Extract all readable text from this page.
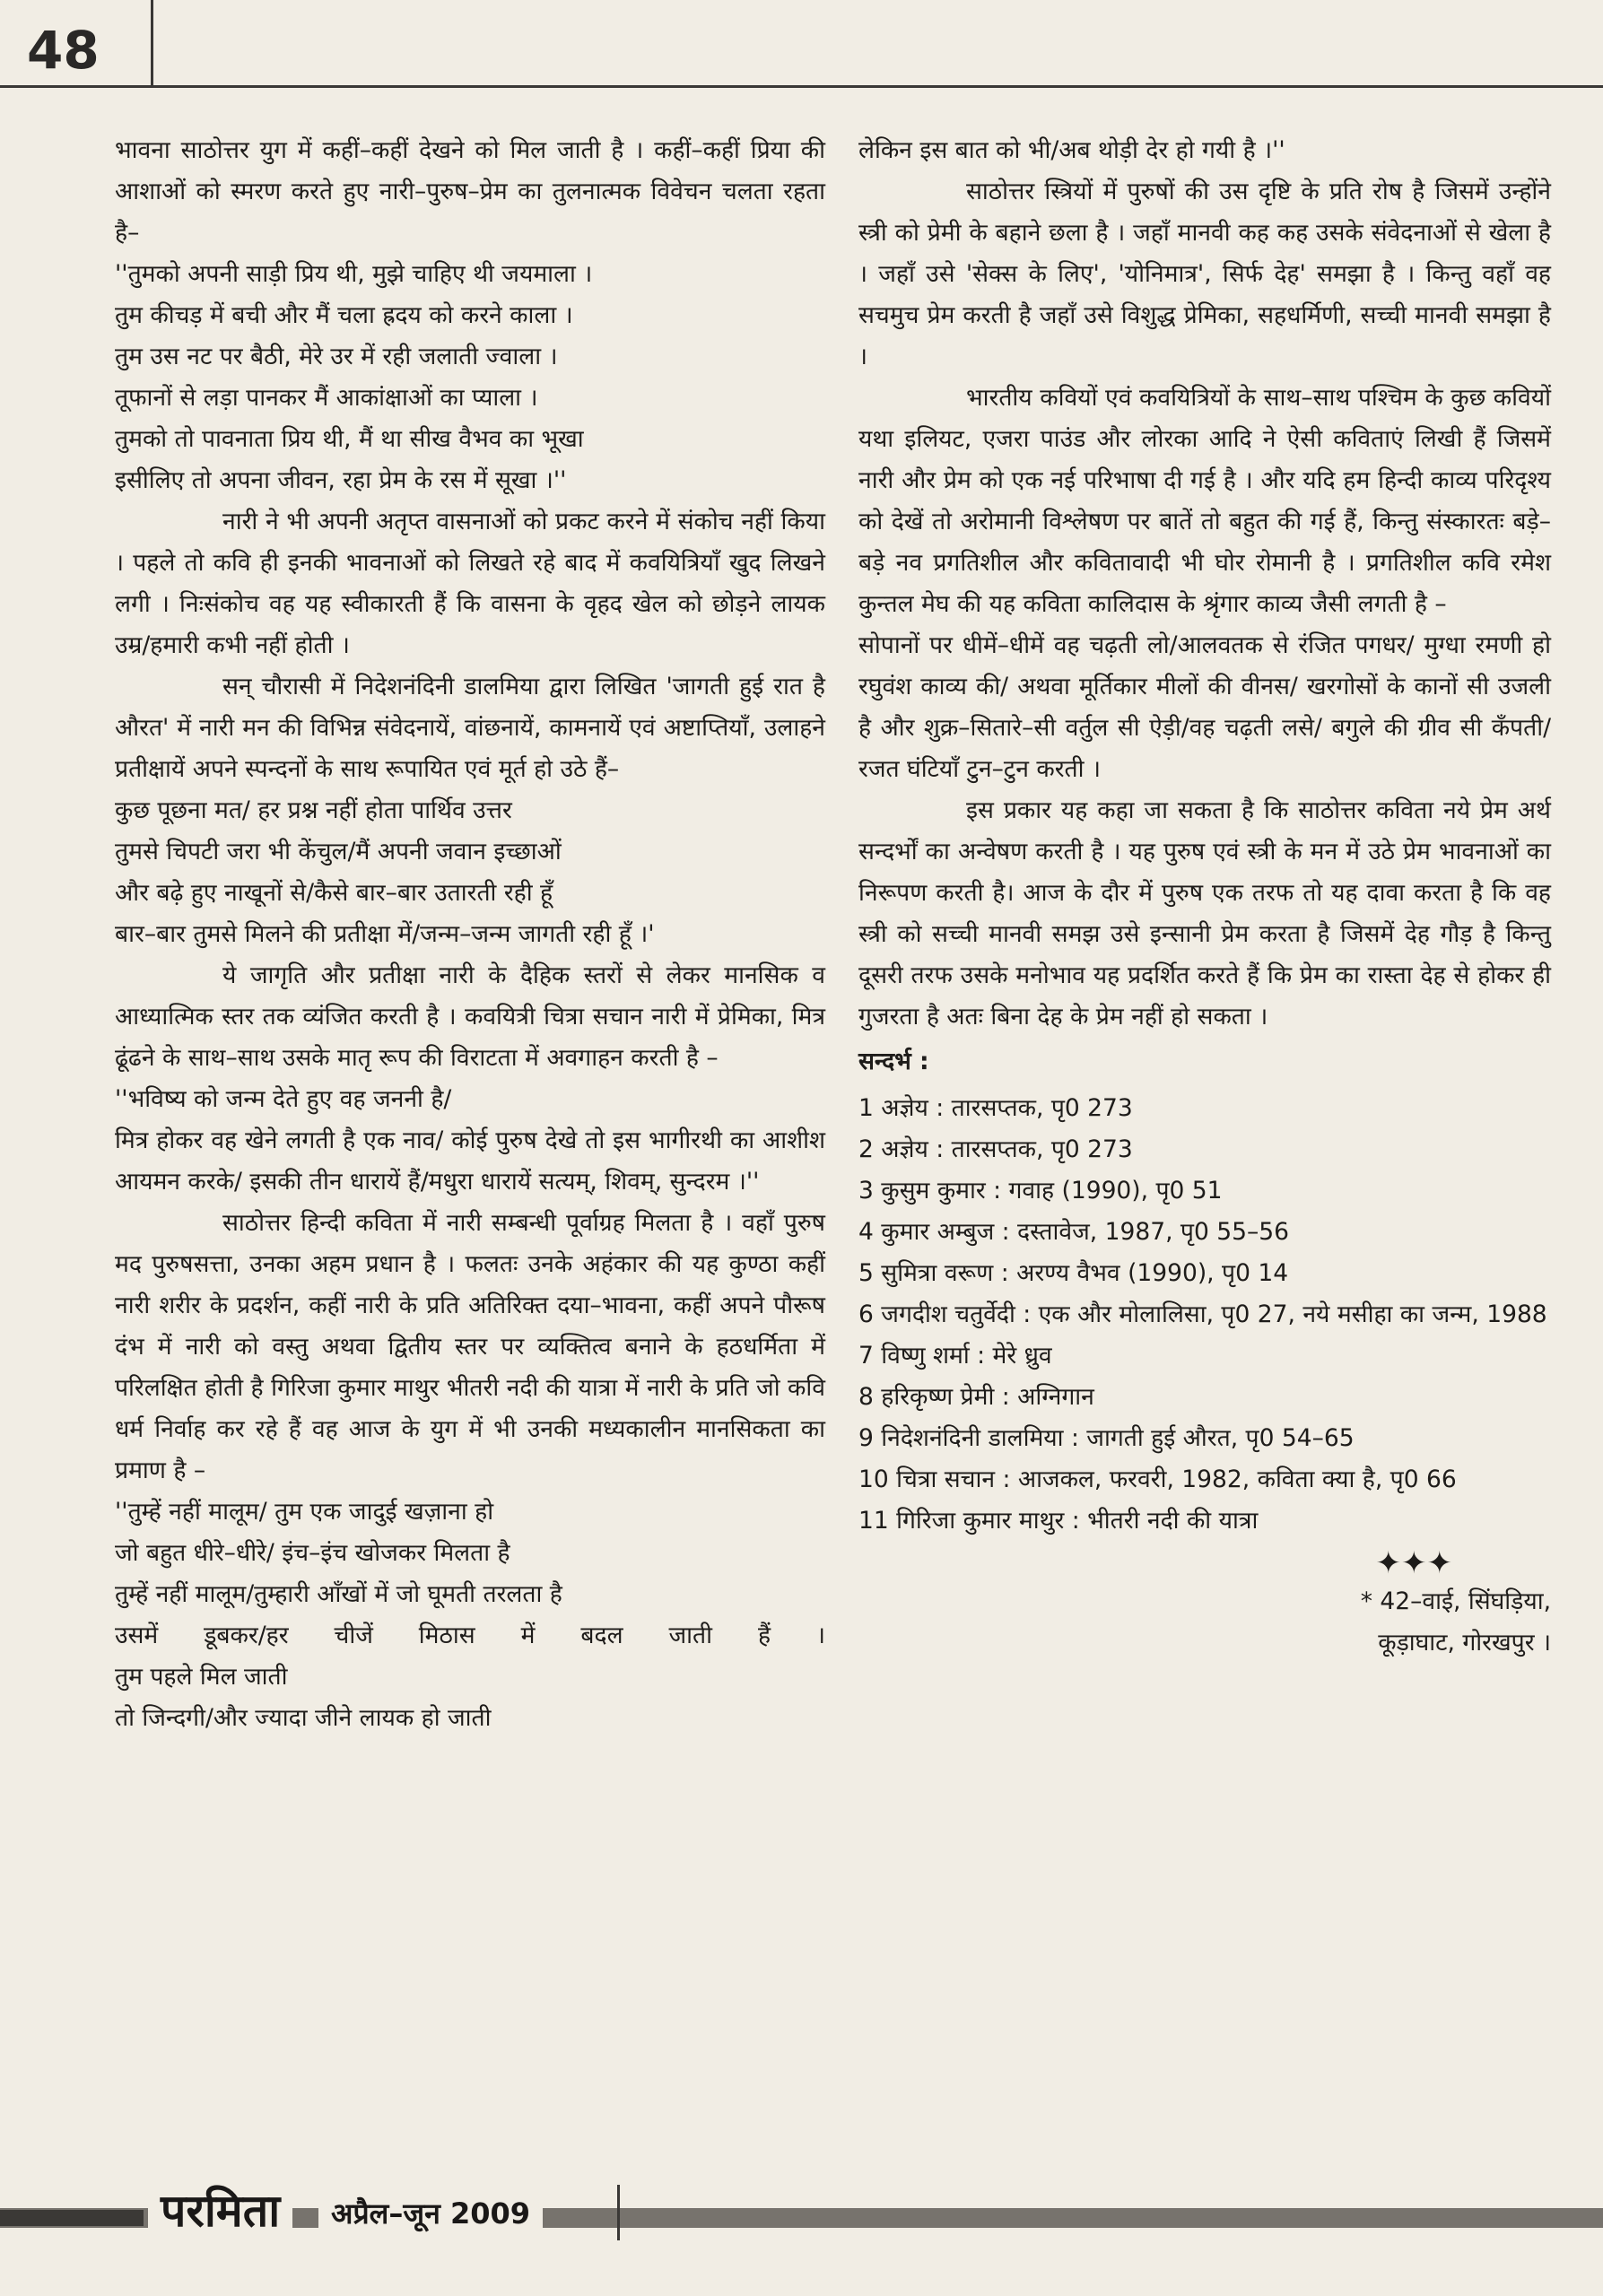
48

भावना साठोत्तर युग में कहीं–कहीं देखने को मिल जाती है । कहीं–कहीं प्रिया की आशाओं को स्मरण करते हुए नारी–पुरुष–प्रेम का तुलनात्मक विवेचन चलता रहता है–

''तुमको अपनी साड़ी प्रिय थी, मुझे चाहिए थी जयमाला ।
तुम कीचड़ में बची और मैं चला ह्रदय को करने काला ।
तुम उस नट पर बैठी, मेरे उर में रही जलाती ज्वाला ।
तूफानों से लड़ा पानकर मैं आकांक्षाओं का प्याला ।
तुमको तो पावनाता प्रिय थी, मैं था सीख वैभव का भूखा
इसीलिए तो अपना जीवन, रहा प्रेम के रस में सूखा ।''

नारी ने भी अपनी अतृप्त वासनाओं को प्रकट करने में संकोच नहीं किया । पहले तो कवि ही इनकी भावनाओं को लिखते रहे बाद में कवयित्रियाँ खुद लिखने लगी । निःसंकोच वह यह स्वीकारती हैं कि वासना के वृहद खेल को छोड़ने लायक उम्र/हमारी कभी नहीं होती ।

सन् चौरासी में निदेशनंदिनी डालमिया द्वारा लिखित 'जागती हुई रात है औरत' में नारी मन की विभिन्न संवेदनायें, वांछनायें, कामनायें एवं अष्टाप्तियाँ, उलाहने प्रतीक्षायें अपने स्पन्दनों के साथ रूपायित एवं मूर्त हो उठे हैं–

कुछ पूछना मत/ हर प्रश्न नहीं होता पार्थिव उत्तर
तुमसे चिपटी जरा भी केंचुल/मैं अपनी जवान इच्छाओं
और बढ़े हुए नाखूनों से/कैसे बार–बार उतारती रही हूँ

बार–बार तुमसे मिलने की प्रतीक्षा में/जन्म–जन्म जागती रही हूँ ।'

ये जागृति और प्रतीक्षा नारी के दैहिक स्तरों से लेकर मानसिक व आध्यात्मिक स्तर तक व्यंजित करती है । कवयित्री चित्रा सचान नारी में प्रेमिका, मित्र ढूंढने के साथ–साथ उसके मातृ रूप की विराटता में अवगाहन करती है –

''भविष्य को जन्म देते हुए वह जननी है/

मित्र होकर वह खेने लगती है एक नाव/ कोई पुरुष देखे तो इस भागीरथी का आशीश आयमन करके/ इसकी तीन धारायें हैं/मधुरा धारायें सत्यम्, शिवम्, सुन्दरम ।''

साठोत्तर हिन्दी कविता में नारी सम्बन्धी पूर्वाग्रह मिलता है । वहाँ पुरुष मद पुरुषसत्ता, उनका अहम प्रधान है । फलतः उनके अहंकार की यह कुण्ठा कहीं नारी शरीर के प्रदर्शन, कहीं नारी के प्रति अतिरिक्त दया–भावना, कहीं अपने पौरूष दंभ में नारी को वस्तु अथवा द्वितीय स्तर पर व्यक्तित्व बनाने के हठधर्मिता में परिलक्षित होती है गिरिजा कुमार माथुर भीतरी नदी की यात्रा में नारी के प्रति जो कवि धर्म निर्वाह कर रहे हैं वह आज के युग में भी उनकी मध्यकालीन मानसिकता का प्रमाण है –

''तुम्हें नहीं मालूम/ तुम एक जादुई खज़ाना हो
जो बहुत धीरे–धीरे/ इंच–इंच खोजकर मिलता है
तुम्हें नहीं मालूम/तुम्हारी आँखों में जो घूमती तरलता है

उसमें डूबकर/हर चीजें मिठास में बदल जाती हैं ।

तुम पहले मिल जाती
तो जिन्दगी/और ज्यादा जीने लायक हो जाती

लेकिन इस बात को भी/अब थोड़ी देर हो गयी है ।''

साठोत्तर स्त्रियों में पुरुषों की उस दृष्टि के प्रति रोष है जिसमें उन्होंने स्त्री को प्रेमी के बहाने छला है । जहाँ मानवी कह कह उसके संवेदनाओं से खेला है । जहाँ उसे 'सेक्स के लिए', 'योनिमात्र', सिर्फ देह' समझा है । किन्तु वहाँ वह सचमुच प्रेम करती है जहाँ उसे विशुद्ध प्रेमिका, सहधर्मिणी, सच्ची मानवी समझा है ।

भारतीय कवियों एवं कवयित्रियों के साथ–साथ पश्चिम के कुछ कवियों यथा इलियट, एजरा पाउंड और लोरका आदि ने ऐसी कविताएं लिखी हैं जिसमें नारी और प्रेम को एक नई परिभाषा दी गई है । और यदि हम हिन्दी काव्य परिदृश्य को देखें तो अरोमानी विश्लेषण पर बातें तो बहुत की गई हैं, किन्तु संस्कारतः बड़े–बड़े नव प्रगतिशील और कवितावादी भी घोर रोमानी है । प्रगतिशील कवि रमेश कुन्तल मेघ की यह कविता कालिदास के श्रृंगार काव्य जैसी लगती है –

सोपानों पर धीमें–धीमें वह चढ़ती लो/आलवतक से रंजित पगधर/ मुग्धा रमणी हो रघुवंश काव्य की/ अथवा मूर्तिकार मीलों की वीनस/ खरगोसों के कानों सी उजली है और शुक्र–सितारे–सी वर्तुल सी ऐड़ी/वह चढ़ती लसे/ बगुले की ग्रीव सी कँपती/रजत घंटियाँ टुन–टुन करती ।

इस प्रकार यह कहा जा सकता है कि साठोत्तर कविता नये प्रेम अर्थ सन्दर्भों का अन्वेषण करती है । यह पुरुष एवं स्त्री के मन में उठे प्रेम भावनाओं का निरूपण करती है। आज के दौर में पुरुष एक तरफ तो यह दावा करता है कि वह स्त्री को सच्ची मानवी समझ उसे इन्सानी प्रेम करता है जिसमें देह गौड़ है किन्तु दूसरी तरफ उसके मनोभाव यह प्रदर्शित करते हैं कि प्रेम का रास्ता देह से होकर ही गुजरता है अतः बिना देह के प्रेम नहीं हो सकता ।

सन्दर्भ :
1 अज्ञेय : तारसप्तक, पृ0 273
2 अज्ञेय : तारसप्तक, पृ0 273
3 कुसुम कुमार : गवाह (1990), पृ0 51
4 कुमार अम्बुज : दस्तावेज, 1987, पृ0 55–56
5 सुमित्रा वरूण : अरण्य वैभव (1990), पृ0 14
6 जगदीश चतुर्वेदी : एक और मोलालिसा, पृ0 27, नये मसीहा का जन्म, 1988
7 विष्णु शर्मा : मेरे ध्रुव
8 हरिकृष्ण प्रेमी : अग्निगान
9 निदेशनंदिनी डालमिया : जागती हुई औरत, पृ0 54–65
10 चित्रा सचान : आजकल, फरवरी, 1982, कविता क्या है, पृ0 66
11 गिरिजा कुमार माथुर : भीतरी नदी की यात्रा
✦✦✦
* 42–वाई, सिंघड़िया,
कूड़ाघाट, गोरखपुर ।
परमिता	अप्रैल–जून 2009
